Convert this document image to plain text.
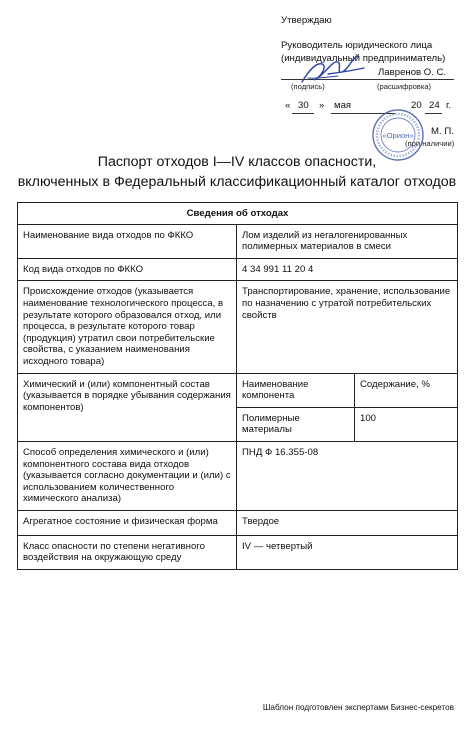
Утверждаю
Руководитель юридического лица
(индивидуальный предприниматель)
Лавренов О. С.
(подпись)	(расшифровка)
« 30 » мая	20 24 г.
М. П.
(при наличии)
«Орион»
Паспорт отходов I—IV классов опасности,
включенных в Федеральный классификационный каталог отходов
Сведения об отходах		
Наименование вида отходов по ФККО	Лом изделий из негалогенированных полимерных материалов в смеси	
Код вида отходов по ФККО	4 34 991 11 20 4	
Происхождение отходов (указывается наименование технологического процесса, в результате которого образовался отход, или процесса, в результате которого товар (продукция) утратил свои потребительские свойства, с указанием наименования исходного товара)	Транспортирование, хранение, использование по назначению с утратой потребительских свойств	
Химический и (или) компонентный состав (указывается в порядке убывания содержания компонентов)	Наименование компонента	Содержание, %
	Полимерные материалы	100
Способ определения химического и (или) компонентного состава вида отходов (указывается согласно документации и (или) с использованием количественного химического анализа)	ПНД Ф 16.355-08	
Агрегатное состояние и физическая форма	Твердое	
Класс опасности по степени негативного воздействия на окружающую среду	IV — четвертый	
Шаблон подготовлен экспертами Бизнес-секретов
